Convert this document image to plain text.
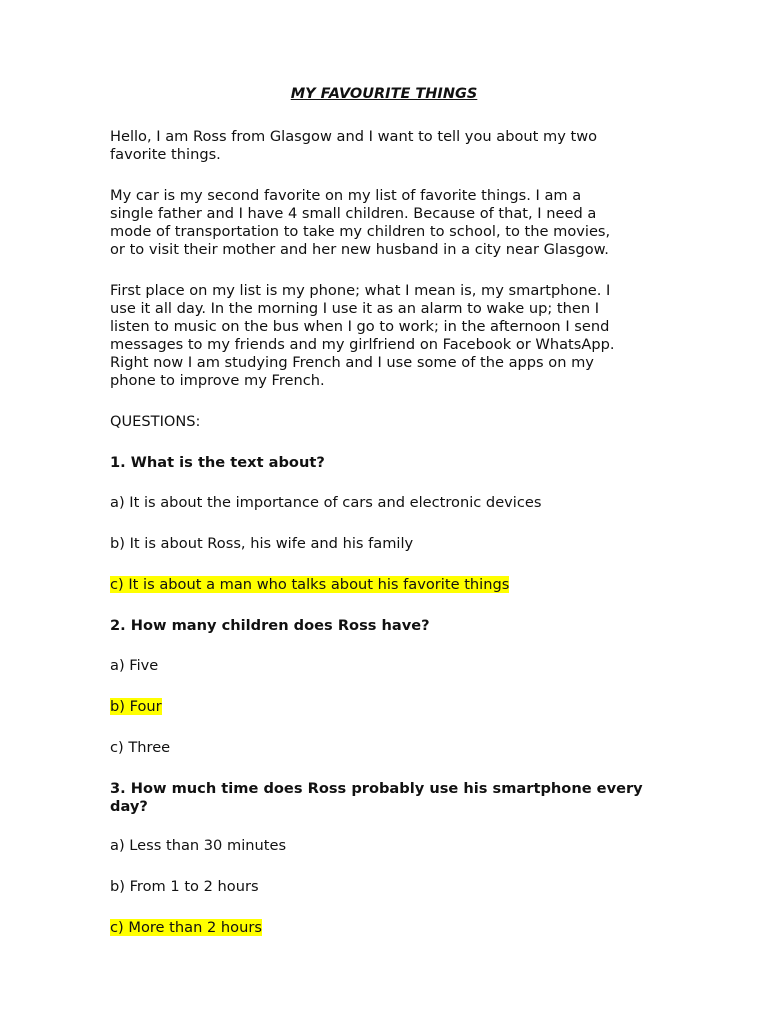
MY FAVOURITE THINGS
Hello, I am Ross from Glasgow and I want to tell you about my two
favorite things.
My car is my second favorite on my list of favorite things. I am a
single father and I have 4 small children. Because of that, I need a
mode of transportation to take my children to school, to the movies,
or to visit their mother and her new husband in a city near Glasgow.
First place on my list is my phone; what I mean is, my smartphone. I
use it all day. In the morning I use it as an alarm to wake up; then I
listen to music on the bus when I go to work; in the afternoon I send
messages to my friends and my girlfriend on Facebook or WhatsApp.
Right now I am studying French and I use some of the apps on my
phone to improve my French.
QUESTIONS:
1. What is the text about?
a) It is about the importance of cars and electronic devices
b) It is about Ross, his wife and his family
c) It is about a man who talks about his favorite things
2. How many children does Ross have?
a) Five
b) Four
c) Three
3. How much time does Ross probably use his smartphone every
day?
a) Less than 30 minutes
b) From 1 to 2 hours
c) More than 2 hours
